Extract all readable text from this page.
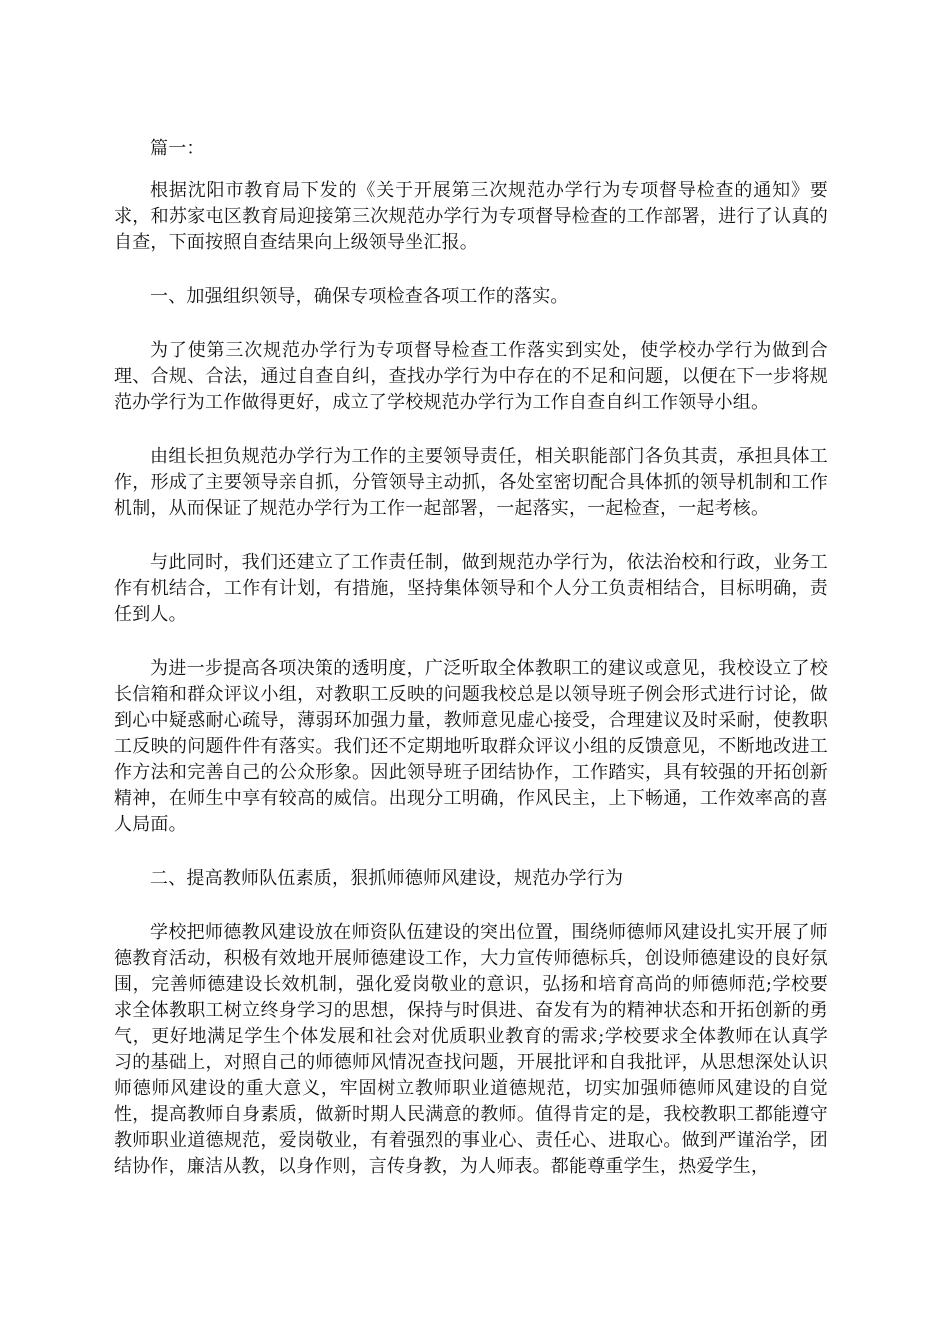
篇一：

根据沈阳市教育局下发的《关于开展第三次规范办学行为专项督导检查的通知》要求，和苏家屯区教育局迎接第三次规范办学行为专项督导检查的工作部署，进行了认真的自查，下面按照自查结果向上级领导坐汇报。

一、加强组织领导，确保专项检查各项工作的落实。

为了使第三次规范办学行为专项督导检查工作落实到实处，使学校办学行为做到合理、合规、合法，通过自查自纠，查找办学行为中存在的不足和问题，以便在下一步将规范办学行为工作做得更好，成立了学校规范办学行为工作自查自纠工作领导小组。

由组长担负规范办学行为工作的主要领导责任，相关职能部门各负其责，承担具体工作，形成了主要领导亲自抓，分管领导主动抓，各处室密切配合具体抓的领导机制和工作机制，从而保证了规范办学行为工作一起部署，一起落实，一起检查，一起考核。

与此同时，我们还建立了工作责任制，做到规范办学行为，依法治校和行政，业务工作有机结合，工作有计划，有措施，坚持集体领导和个人分工负责相结合，目标明确，责任到人。

为进一步提高各项决策的透明度，广泛听取全体教职工的建议或意见，我校设立了校长信箱和群众评议小组，对教职工反映的问题我校总是以领导班子例会形式进行讨论，做到心中疑惑耐心疏导，薄弱环加强力量，教师意见虚心接受，合理建议及时采耐，使教职工反映的问题件件有落实。我们还不定期地听取群众评议小组的反馈意见，不断地改进工作方法和完善自己的公众形象。因此领导班子团结协作，工作踏实，具有较强的开拓创新精神，在师生中享有较高的威信。出现分工明确，作风民主，上下畅通，工作效率高的喜人局面。

二、提高教师队伍素质，狠抓师德师风建设，规范办学行为

学校把师德教风建设放在师资队伍建设的突出位置，围绕师德师风建设扎实开展了师德教育活动，积极有效地开展师德建设工作，大力宣传师德标兵，创设师德建设的良好氛围，完善师德建设长效机制，强化爱岗敬业的意识，弘扬和培育高尚的师德师范;学校要求全体教职工树立终身学习的思想，保持与时俱进、奋发有为的精神状态和开拓创新的勇气，更好地满足学生个体发展和社会对优质职业教育的需求;学校要求全体教师在认真学习的基础上，对照自己的师德师风情况查找问题，开展批评和自我批评，从思想深处认识师德师风建设的重大意义，牢固树立教师职业道德规范，切实加强师德师风建设的自觉性，提高教师自身素质，做新时期人民满意的教师。值得肯定的是，我校教职工都能遵守教师职业道德规范，爱岗敬业，有着强烈的事业心、责任心、进取心。做到严谨治学，团结协作，廉洁从教，以身作则，言传身教，为人师表。都能尊重学生，热爱学生，
